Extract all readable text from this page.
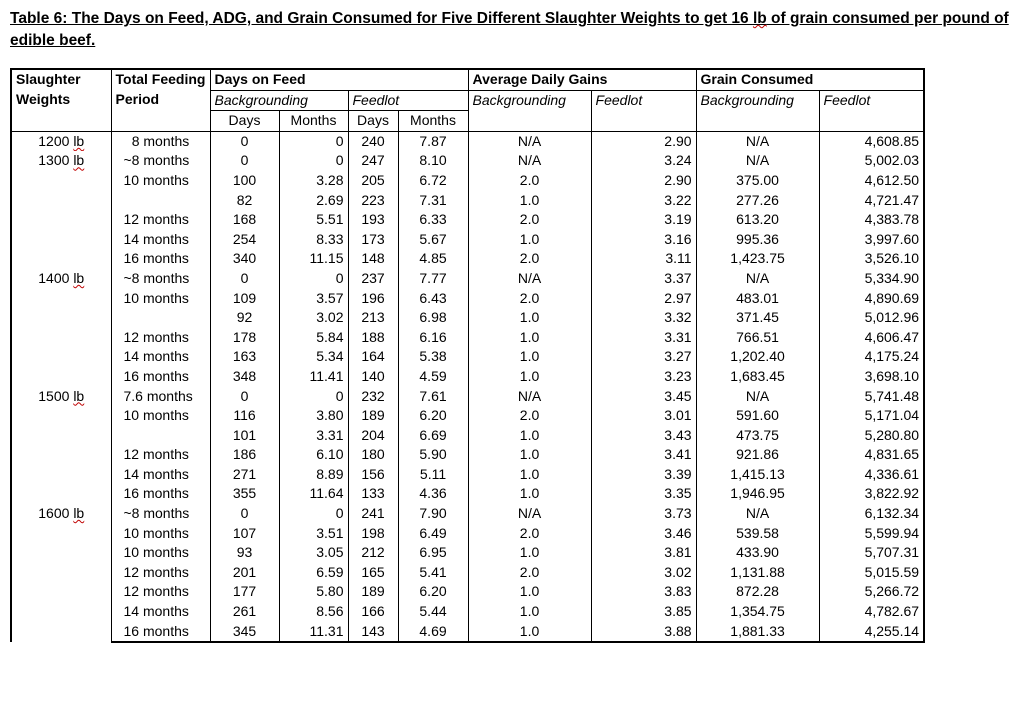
Table 6: The Days on Feed, ADG, and Grain Consumed for Five Different Slaughter Weights to get 16 lb of grain consumed per pound of edible beef.
Slaughter Weights	Total Feeding Period	Days on Feed				Average Daily Gains		Grain Consumed	
		Backgrounding		Feedlot		Backgrounding	Feedlot	Backgrounding	Feedlot
		Days	Months	Days	Months				
1200 lb	8 months	0	0	240	7.87	N/A	2.90	N/A	4,608.85
1300 lb	~8 months	0	0	247	8.10	N/A	3.24	N/A	5,002.03
	10 months	100	3.28	205	6.72	2.0	2.90	375.00	4,612.50
		82	2.69	223	7.31	1.0	3.22	277.26	4,721.47
	12 months	168	5.51	193	6.33	2.0	3.19	613.20	4,383.78
	14 months	254	8.33	173	5.67	1.0	3.16	995.36	3,997.60
	16 months	340	11.15	148	4.85	2.0	3.11	1,423.75	3,526.10
1400 lb	~8 months	0	0	237	7.77	N/A	3.37	N/A	5,334.90
	10 months	109	3.57	196	6.43	2.0	2.97	483.01	4,890.69
		92	3.02	213	6.98	1.0	3.32	371.45	5,012.96
	12 months	178	5.84	188	6.16	1.0	3.31	766.51	4,606.47
	14 months	163	5.34	164	5.38	1.0	3.27	1,202.40	4,175.24
	16 months	348	11.41	140	4.59	1.0	3.23	1,683.45	3,698.10
1500 lb	7.6 months	0	0	232	7.61	N/A	3.45	N/A	5,741.48
	10 months	116	3.80	189	6.20	2.0	3.01	591.60	5,171.04
		101	3.31	204	6.69	1.0	3.43	473.75	5,280.80
	12 months	186	6.10	180	5.90	1.0	3.41	921.86	4,831.65
	14 months	271	8.89	156	5.11	1.0	3.39	1,415.13	4,336.61
	16 months	355	11.64	133	4.36	1.0	3.35	1,946.95	3,822.92
1600 lb	~8 months	0	0	241	7.90	N/A	3.73	N/A	6,132.34
	10 months	107	3.51	198	6.49	2.0	3.46	539.58	5,599.94
	10 months	93	3.05	212	6.95	1.0	3.81	433.90	5,707.31
	12 months	201	6.59	165	5.41	2.0	3.02	1,131.88	5,015.59
	12 months	177	5.80	189	6.20	1.0	3.83	872.28	5,266.72
	14 months	261	8.56	166	5.44	1.0	3.85	1,354.75	4,782.67
	16 months	345	11.31	143	4.69	1.0	3.88	1,881.33	4,255.14
